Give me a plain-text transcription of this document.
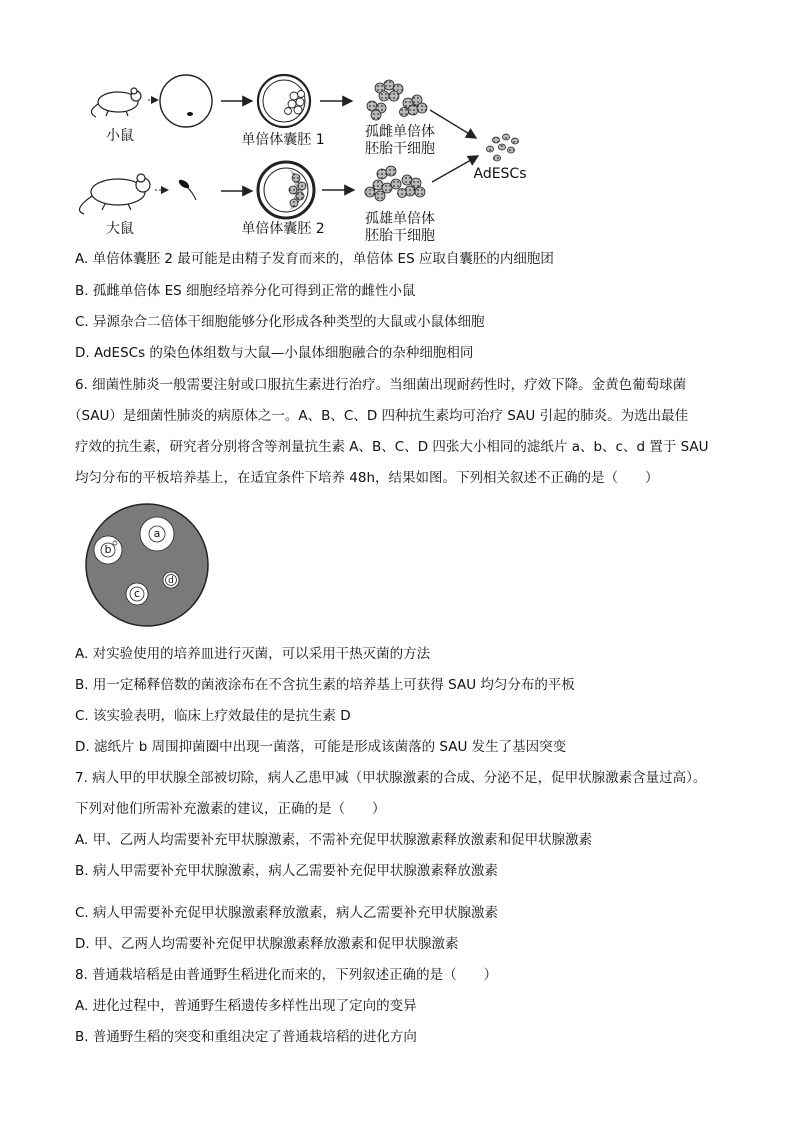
小鼠	单倍体囊胚 1	孤雌单倍体
胚胎干细胞
AdESCs
大鼠	单倍体囊胚 2
孤雄单倍体
胚胎干细胞
A. 单倍体囊胚 2 最可能是由精子发育而来的，单倍体 ES 应取自囊胚的内细胞团
B. 孤雌单倍体 ES 细胞经培养分化可得到正常的雌性小鼠
C. 异源杂合二倍体干细胞能够分化形成各种类型的大鼠或小鼠体细胞
D. AdESCs 的染色体组数与大鼠—小鼠体细胞融合的杂种细胞相同
6. 细菌性肺炎一般需要注射或口服抗生素进行治疗。当细菌出现耐药性时，疗效下降。金黄色葡萄球菌
（SAU）是细菌性肺炎的病原体之一。A、B、C、D 四种抗生素均可治疗 SAU 引起的肺炎。为选出最佳
疗效的抗生素，研究者分别将含等剂量抗生素 A、B、C、D 四张大小相同的滤纸片 a、b、c、d 置于 SAU
均匀分布的平板培养基上，在适宜条件下培养 48h，结果如图。下列相关叙述不正确的是（　　）
a
b
c
d
A. 对实验使用的培养皿进行灭菌，可以采用干热灭菌的方法
B. 用一定稀释倍数的菌液涂布在不含抗生素的培养基上可获得 SAU 均匀分布的平板
C. 该实验表明，临床上疗效最佳的是抗生素 D
D. 滤纸片 b 周围抑菌圈中出现一菌落，可能是形成该菌落的 SAU 发生了基因突变
7. 病人甲的甲状腺全部被切除，病人乙患甲减（甲状腺激素的合成、分泌不足，促甲状腺激素含量过高）。
下列对他们所需补充激素的建议，正确的是（　　）
A. 甲、乙两人均需要补充甲状腺激素，不需补充促甲状腺激素释放激素和促甲状腺激素
B. 病人甲需要补充甲状腺激素，病人乙需要补充促甲状腺激素释放激素
C. 病人甲需要补充促甲状腺激素释放激素，病人乙需要补充甲状腺激素
D. 甲、乙两人均需要补充促甲状腺激素释放激素和促甲状腺激素
8. 普通栽培稻是由普通野生稻进化而来的，下列叙述正确的是（　　）
A. 进化过程中，普通野生稻遗传多样性出现了定向的变异
B. 普通野生稻的突变和重组决定了普通栽培稻的进化方向
